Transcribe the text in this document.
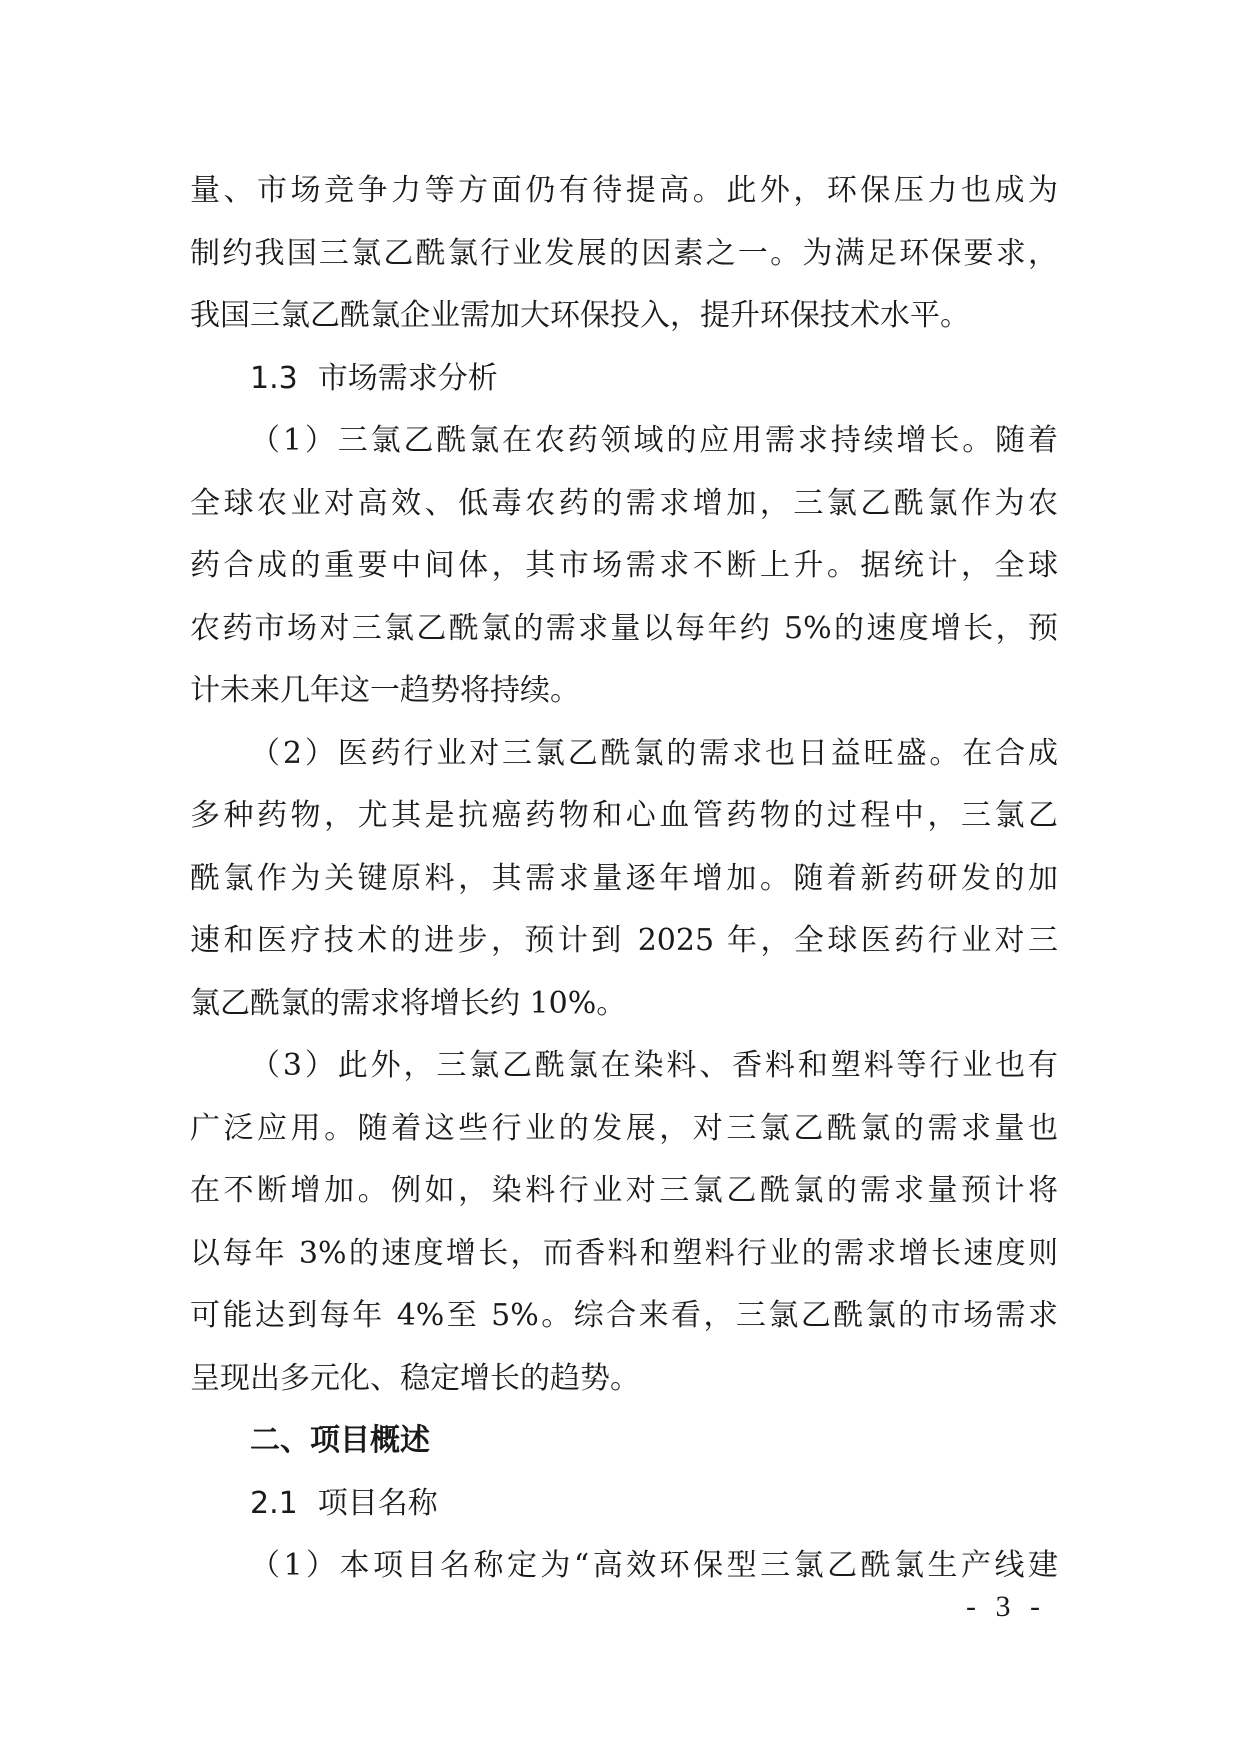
量、市场竞争力等方面仍有待提高。此外，环保压力也成为
制约我国三氯乙酰氯行业发展的因素之一。为满足环保要求，
我国三氯乙酰氯企业需加大环保投入，提升环保技术水平。
1.3 市场需求分析
（1）三氯乙酰氯在农药领域的应用需求持续增长。随着
全球农业对高效、低毒农药的需求增加，三氯乙酰氯作为农
药合成的重要中间体，其市场需求不断上升。据统计，全球
农药市场对三氯乙酰氯的需求量以每年约 5%的速度增长，预
计未来几年这一趋势将持续。
（2）医药行业对三氯乙酰氯的需求也日益旺盛。在合成
多种药物，尤其是抗癌药物和心血管药物的过程中，三氯乙
酰氯作为关键原料，其需求量逐年增加。随着新药研发的加
速和医疗技术的进步，预计到 2025 年，全球医药行业对三
氯乙酰氯的需求将增长约 10%。
（3）此外，三氯乙酰氯在染料、香料和塑料等行业也有
广泛应用。随着这些行业的发展，对三氯乙酰氯的需求量也
在不断增加。例如，染料行业对三氯乙酰氯的需求量预计将
以每年 3%的速度增长，而香料和塑料行业的需求增长速度则
可能达到每年 4%至 5%。综合来看，三氯乙酰氯的市场需求
呈现出多元化、稳定增长的趋势。
二、项目概述
2.1 项目名称
（1）本项目名称定为“高效环保型三氯乙酰氯生产线建
- 3 -
